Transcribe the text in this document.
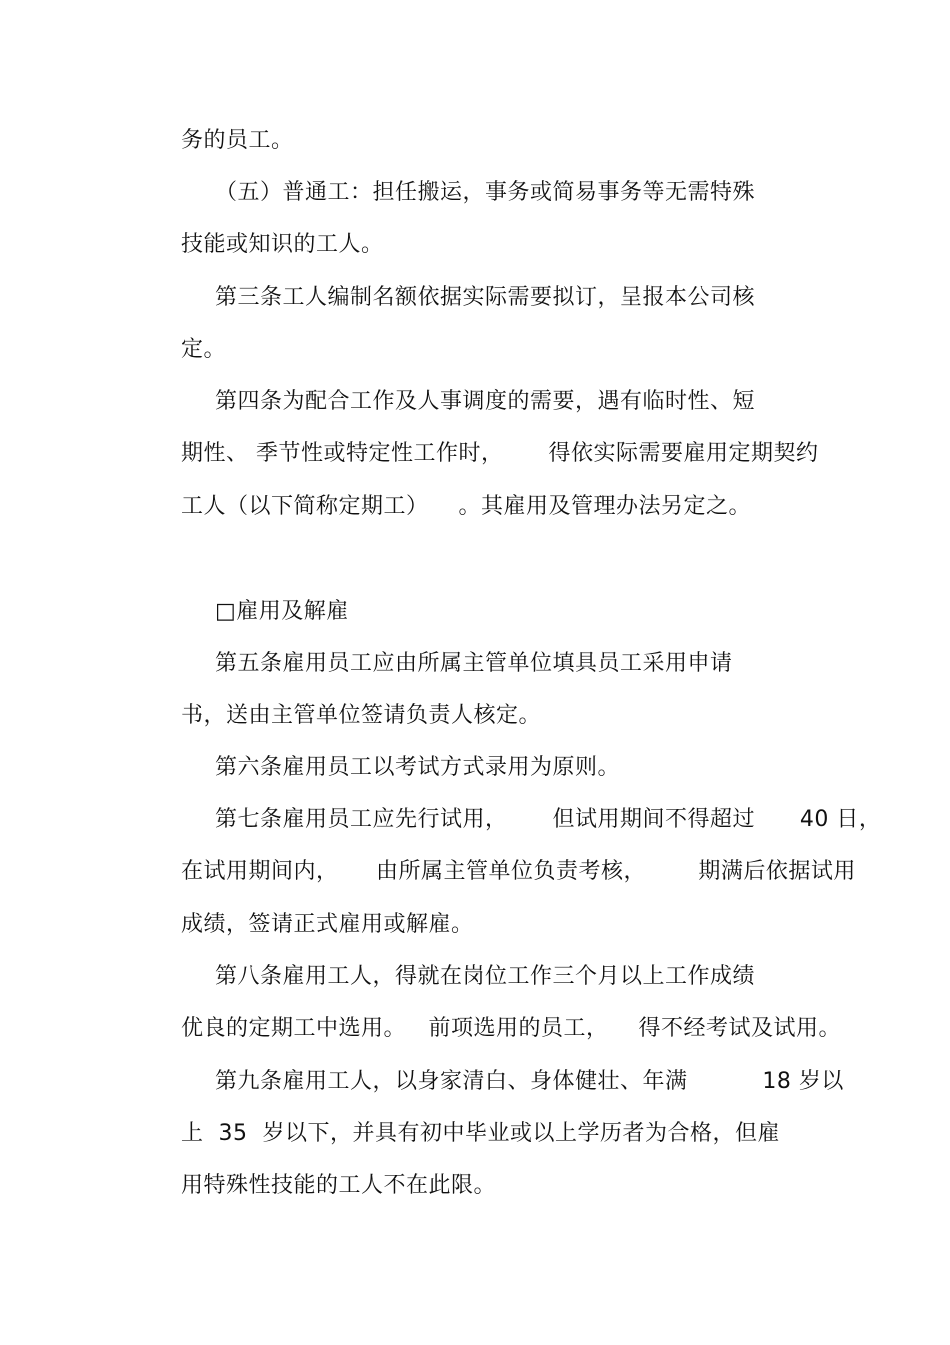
务的员工。
（五）普通工：担任搬运，事务或简易事务等无需特殊
技能或知识的工人。
第三条工人编制名额依据实际需要拟订，呈报本公司核
定。
第四条为配合工作及人事调度的需要，遇有临时性、短
期性、 季节性或特定性工作时，      得依实际需要雇用定期契约
工人（以下简称定期工）    。其雇用及管理办法另定之。
□雇用及解雇
第五条雇用员工应由所属主管单位填具员工采用申请
书，送由主管单位签请负责人核定。
第六条雇用员工以考试方式录用为原则。
第七条雇用员工应先行试用，      但试用期间不得超过      40 日，
在试用期间内，     由所属主管单位负责考核，       期满后依据试用
成绩，签请正式雇用或解雇。
第八条雇用工人，得就在岗位工作三个月以上工作成绩
优良的定期工中选用。   前项选用的员工，    得不经考试及试用。
第九条雇用工人，以身家清白、身体健壮、年满          18 岁以
上  35  岁以下，并具有初中毕业或以上学历者为合格，但雇
用特殊性技能的工人不在此限。
